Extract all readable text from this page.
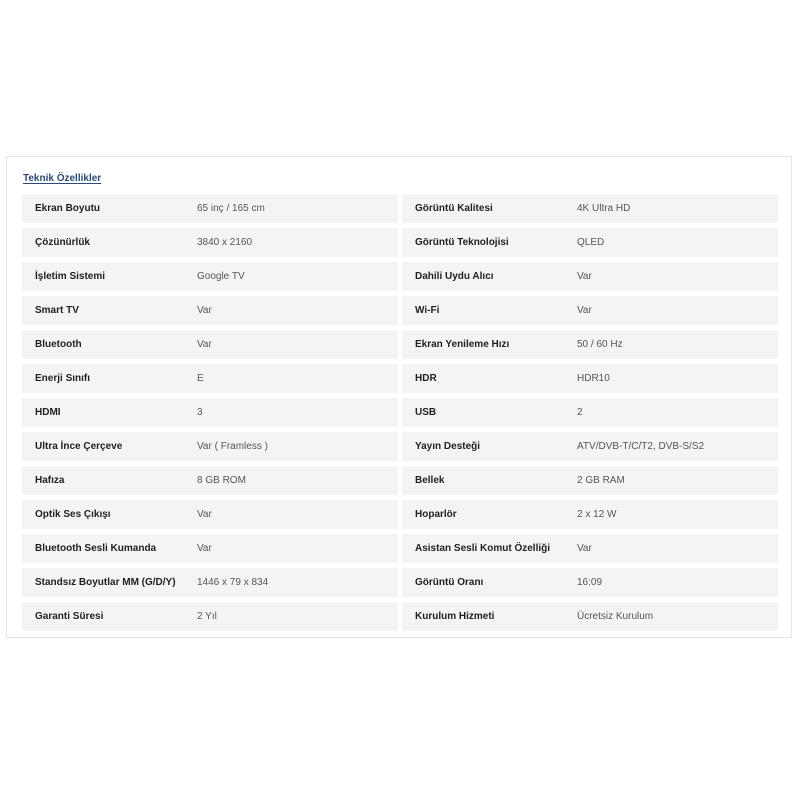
Teknik Özellikler
Ekran Boyutu	65 inç / 165 cm	Görüntü Kalitesi	4K Ultra HD
Çözünürlük	3840 x 2160	Görüntü Teknolojisi	QLED
İşletim Sistemi	Google TV	Dahili Uydu Alıcı	Var
Smart TV	Var	Wi-Fi	Var
Bluetooth	Var	Ekran Yenileme Hızı	50 / 60 Hz
Enerji Sınıfı	E	HDR	HDR10
HDMI	3	USB	2
Ultra İnce Çerçeve	Var ( Framless )	Yayın Desteği	ATV/DVB-T/C/T2, DVB-S/S2
Hafıza	8 GB ROM	Bellek	2 GB RAM
Optik Ses Çıkışı	Var	Hoparlör	2 x 12 W
Bluetooth Sesli Kumanda	Var	Asistan Sesli Komut Özelliği	Var
Standsız Boyutlar MM (G/D/Y)	1446 x 79 x 834	Görüntü Oranı	16:09
Garanti Süresi	2 Yıl	Kurulum Hizmeti	Ücretsiz Kurulum
